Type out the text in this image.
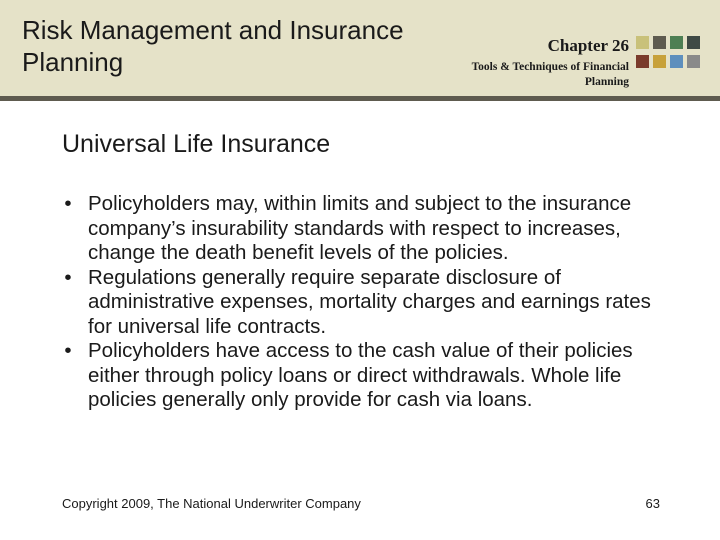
Risk Management and Insurance Planning
Chapter 26
Tools & Techniques of Financial Planning
Universal Life Insurance
• Policyholders may, within limits and subject to the insurance company’s insurability standards with respect to increases, change the death benefit levels of the policies.
• Regulations generally require separate disclosure of administrative expenses, mortality charges and earnings rates for universal life contracts.
• Policyholders have access to the cash value of their policies either through policy loans or direct withdrawals. Whole life policies generally only provide for cash via loans.
Copyright 2009, The National Underwriter Company	63
